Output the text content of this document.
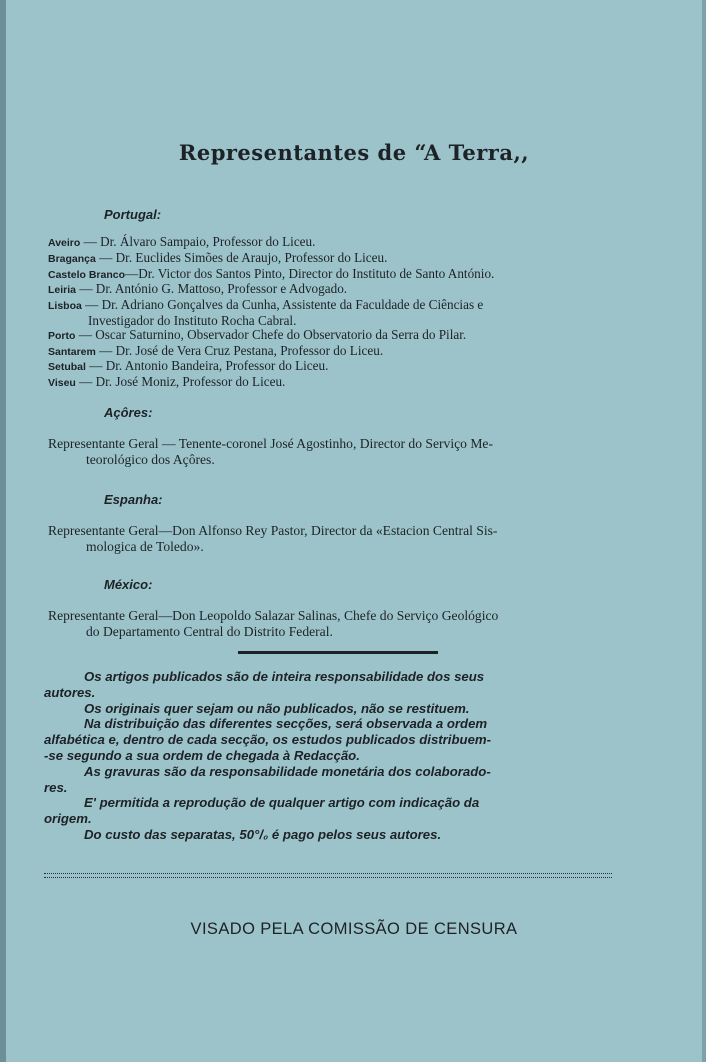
Representantes de “A Terra,,
Portugal:
Aveiro — Dr. Álvaro Sampaio, Professor do Liceu.
Bragança — Dr. Euclides Simões de Araujo, Professor do Liceu.
Castelo Branco—Dr. Victor dos Santos Pinto, Director do Instituto de Santo António.
Leiria — Dr. António G. Mattoso, Professor e Advogado.
Lisboa — Dr. Adriano Gonçalves da Cunha, Assistente da Faculdade de Ciências e
Investigador do Instituto Rocha Cabral.
Porto — Oscar Saturnino, Observador Chefe do Observatorio da Serra do Pilar.
Santarem — Dr. José de Vera Cruz Pestana, Professor do Liceu.
Setubal — Dr. Antonio Bandeira, Professor do Liceu.
Viseu — Dr. José Moniz, Professor do Liceu.
Açôres:
Representante Geral — Tenente-coronel José Agostinho, Director do Serviço Me-
teorológico dos Açôres.
Espanha:
Representante Geral—Don Alfonso Rey Pastor, Director da «Estacion Central Sis-
mologica de Toledo».
México:
Representante Geral—Don Leopoldo Salazar Salinas, Chefe do Serviço Geológico
do Departamento Central do Distrito Federal.

Os artigos publicados são de inteira responsabilidade dos seus

autores.

Os originais quer sejam ou não publicados, não se restituem.

Na distribuição das diferentes secções, será observada a ordem

alfabética e, dentro de cada secção, os estudos publicados distribuem-

-se segundo a sua ordem de chegada à Redacção.

As gravuras são da responsabilidade monetária dos colaborado-

res.

E' permitida a reprodução de qualquer artigo com indicação da

origem.

Do custo das separatas, 50°/₀ é pago pelos seus autores.

VISADO PELA COMISSÃO DE CENSURA
